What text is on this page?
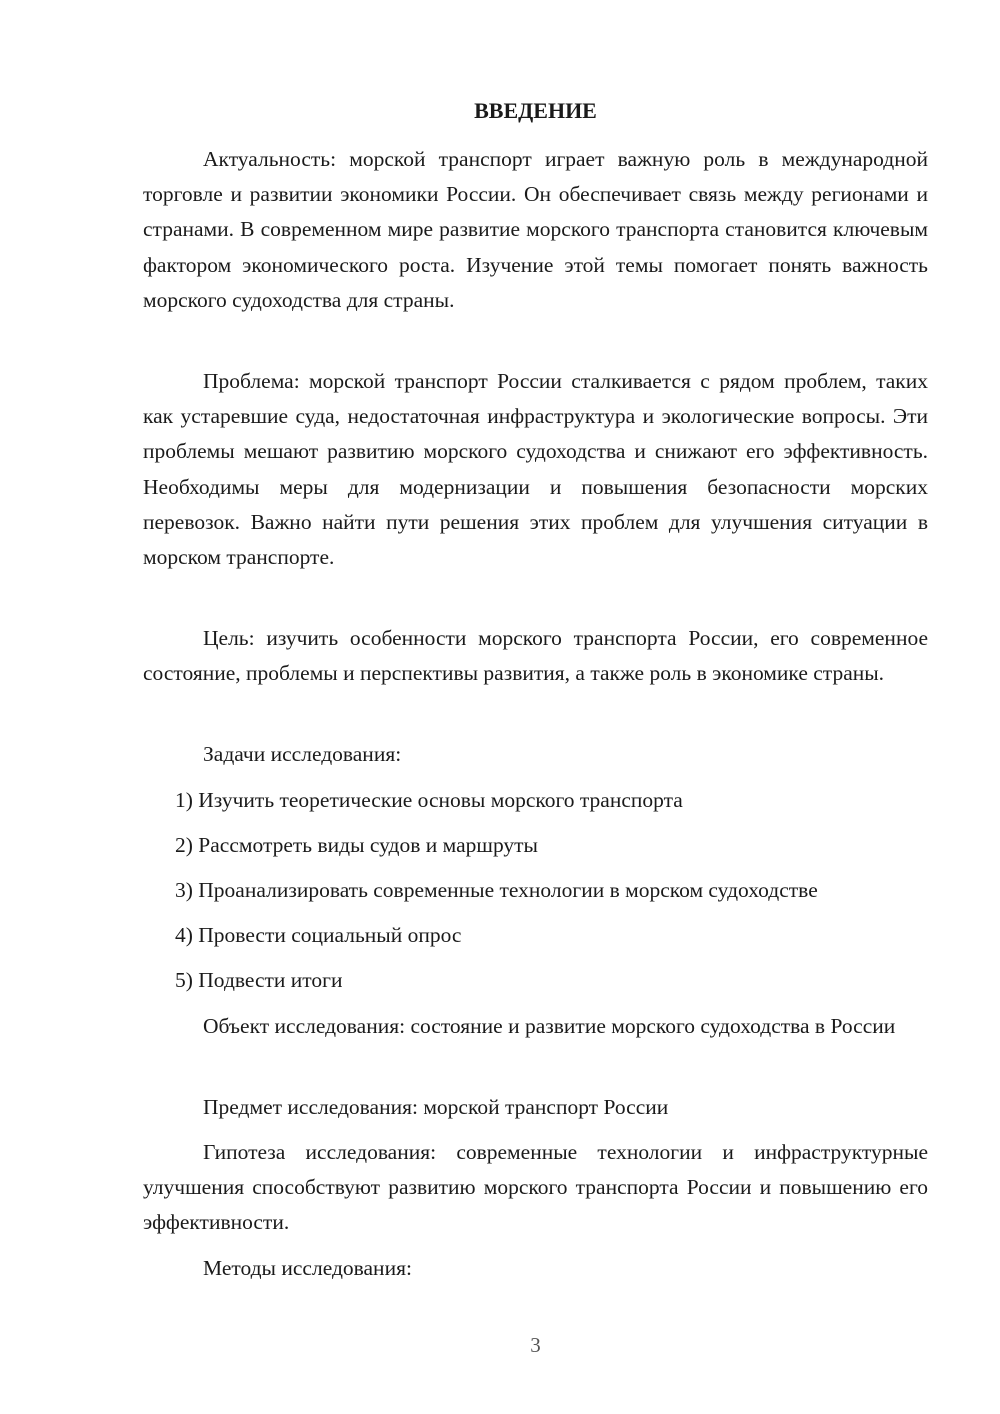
ВВЕДЕНИЕ

Актуальность: морской транспорт играет важную роль в международной торговле и развитии экономики России. Он обеспечивает связь между регионами и странами. В современном мире развитие морского транспорта становится ключевым фактором экономического роста. Изучение этой темы помогает понять важность морского судоходства для страны.

Проблема: морской транспорт России сталкивается с рядом проблем, таких как устаревшие суда, недостаточная инфраструктура и экологические вопросы. Эти проблемы мешают развитию морского судоходства и снижают его эффективность. Необходимы меры для модернизации и повышения безопасности морских перевозок. Важно найти пути решения этих проблем для улучшения ситуации в морском транспорте.

Цель: изучить особенности морского транспорта России, его современное состояние, проблемы и перспективы развития, а также роль в экономике страны.

Задачи исследования:

1) Изучить теоретические основы морского транспорта

2) Рассмотреть виды судов и маршруты

3) Проанализировать современные технологии в морском судоходстве

4) Провести социальный опрос

5) Подвести итоги

Объект исследования: состояние и развитие морского судоходства в России

Предмет исследования: морской транспорт России

Гипотеза исследования: современные технологии и инфраструктурные улучшения способствуют развитию морского транспорта России и повышению его эффективности.

Методы исследования:

3
